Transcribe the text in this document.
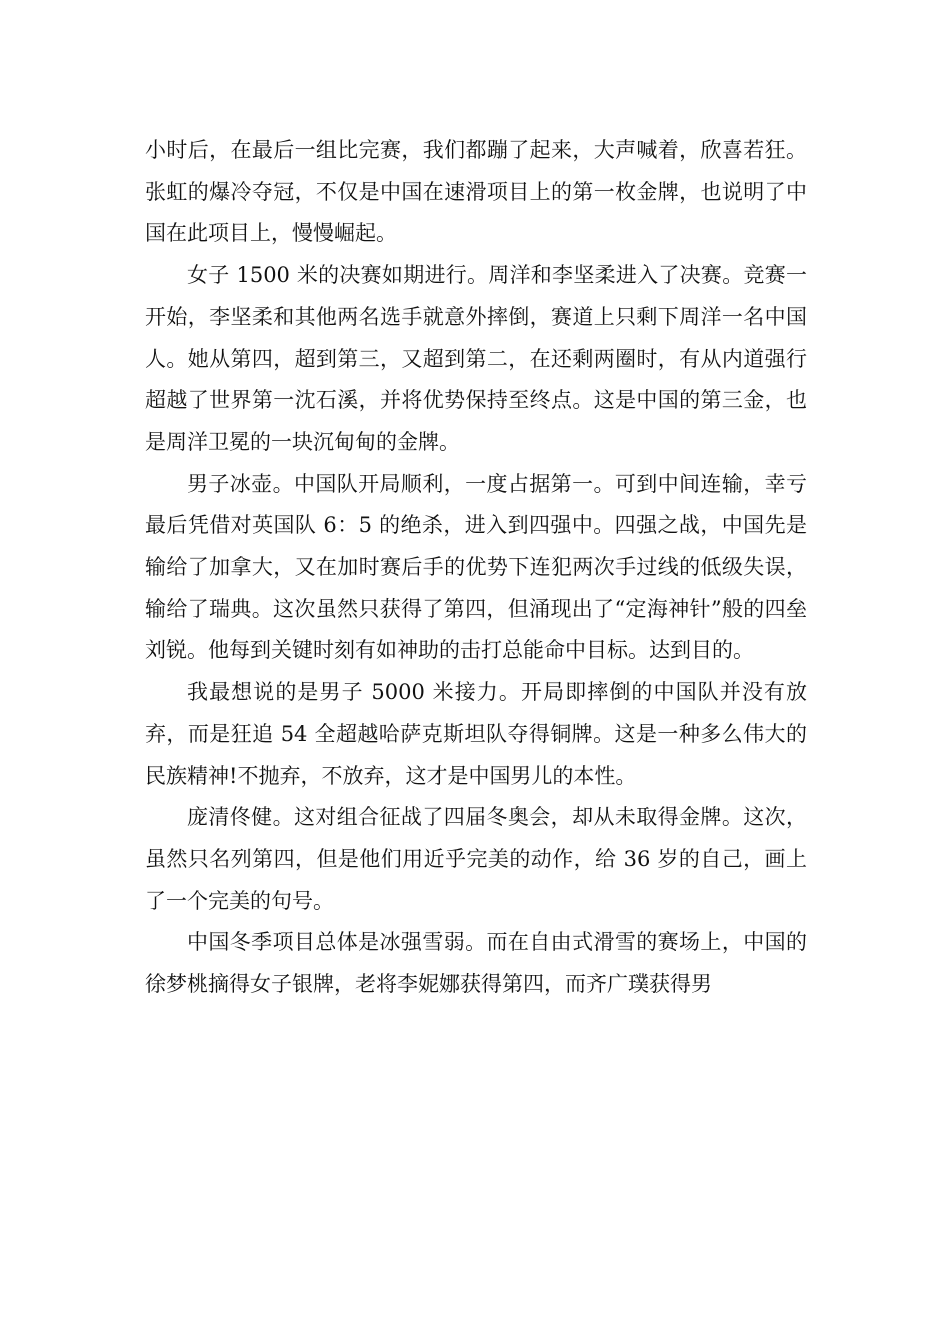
小时后，在最后一组比完赛，我们都蹦了起来，大声喊着，欣喜若狂。张虹的爆冷夺冠，不仅是中国在速滑项目上的第一枚金牌，也说明了中国在此项目上，慢慢崛起。

女子 1500 米的决赛如期进行。周洋和李坚柔进入了决赛。竞赛一开始，李坚柔和其他两名选手就意外摔倒，赛道上只剩下周洋一名中国人。她从第四，超到第三，又超到第二，在还剩两圈时，有从内道强行超越了世界第一沈石溪，并将优势保持至终点。这是中国的第三金，也是周洋卫冕的一块沉甸甸的金牌。

男子冰壶。中国队开局顺利，一度占据第一。可到中间连输，幸亏最后凭借对英国队 6：5 的绝杀，进入到四强中。四强之战，中国先是输给了加拿大，又在加时赛后手的优势下连犯两次手过线的低级失误，输给了瑞典。这次虽然只获得了第四，但涌现出了“定海神针”般的四垒刘锐。他每到关键时刻有如神助的击打总能命中目标。达到目的。

我最想说的是男子 5000 米接力。开局即摔倒的中国队并没有放弃，而是狂追 54 全超越哈萨克斯坦队夺得铜牌。这是一种多么伟大的民族精神!不抛弃，不放弃，这才是中国男儿的本性。

庞清佟健。这对组合征战了四届冬奥会，却从未取得金牌。这次，虽然只名列第四，但是他们用近乎完美的动作，给 36 岁的自己，画上了一个完美的句号。

中国冬季项目总体是冰强雪弱。而在自由式滑雪的赛场上，中国的徐梦桃摘得女子银牌，老将李妮娜获得第四，而齐广璞获得男
